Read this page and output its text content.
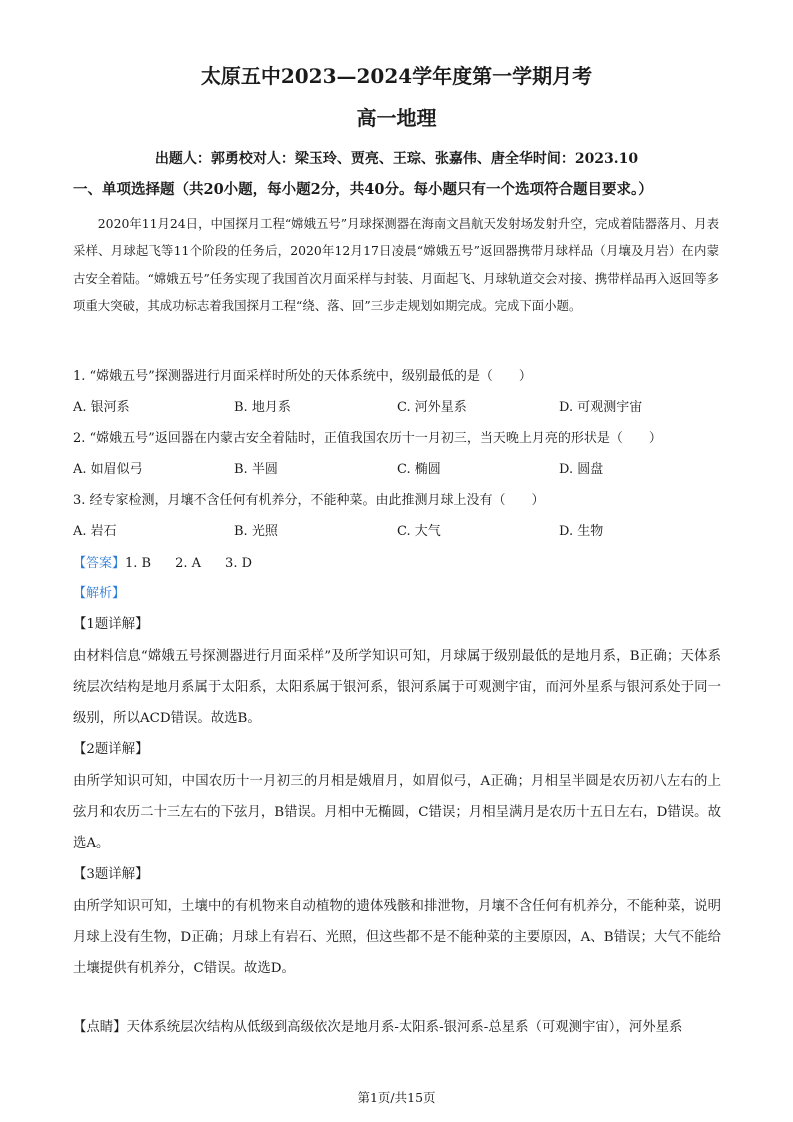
太原五中2023—2024学年度第一学期月考
高一地理
出题人：郭勇校对人：梁玉玲、贾亮、王琮、张嘉伟、唐全华时间：2023.10
一、单项选择题（共20小题，每小题2分，共40分。每小题只有一个选项符合题目要求。）
2020年11月24日，中国探月工程“嫦娥五号”月球探测器在海南文昌航天发射场发射升空，完成着陆器落月、月表采样、月球起飞等11个阶段的任务后，2020年12月17日凌晨“嫦娥五号”返回器携带月球样品（月壤及月岩）在内蒙古安全着陆。“嫦娥五号”任务实现了我国首次月面采样与封装、月面起飞、月球轨道交会对接、携带样品再入返回等多项重大突破，其成功标志着我国探月工程“绕、落、回”三步走规划如期完成。完成下面小题。
1. “嫦娥五号”探测器进行月面采样时所处的天体系统中，级别最低的是（　　）
A. 银河系	B. 地月系	C. 河外星系	D. 可观测宇宙
2. “嫦娥五号”返回器在内蒙古安全着陆时，正值我国农历十一月初三，当天晚上月亮的形状是（　　）
A. 如眉似弓	B. 半圆	C. 椭圆	D. 圆盘
3. 经专家检测，月壤不含任何有机养分，不能种菜。由此推测月球上没有（　　）
A. 岩石	B. 光照	C. 大气	D. 生物
【答案】1. B 2. A 3. D
【解析】
【1题详解】
由材料信息“嫦娥五号探测器进行月面采样”及所学知识可知，月球属于级别最低的是地月系，B正确；天体系统层次结构是地月系属于太阳系，太阳系属于银河系，银河系属于可观测宇宙，而河外星系与银河系处于同一级别，所以ACD错误。故选B。
【2题详解】
由所学知识可知，中国农历十一月初三的月相是娥眉月，如眉似弓，A正确；月相呈半圆是农历初八左右的上弦月和农历二十三左右的下弦月，B错误。月相中无椭圆，C错误；月相呈满月是农历十五日左右，D错误。故选A。
【3题详解】
由所学知识可知，土壤中的有机物来自动植物的遗体残骸和排泄物，月壤不含任何有机养分，不能种菜，说明月球上没有生物，D正确；月球上有岩石、光照，但这些都不是不能种菜的主要原因，A、B错误；大气不能给土壤提供有机养分，C错误。故选D。
【点睛】天体系统层次结构从低级到高级依次是地月系-太阳系-银河系-总星系（可观测宇宙），河外星系
第1页/共15页
